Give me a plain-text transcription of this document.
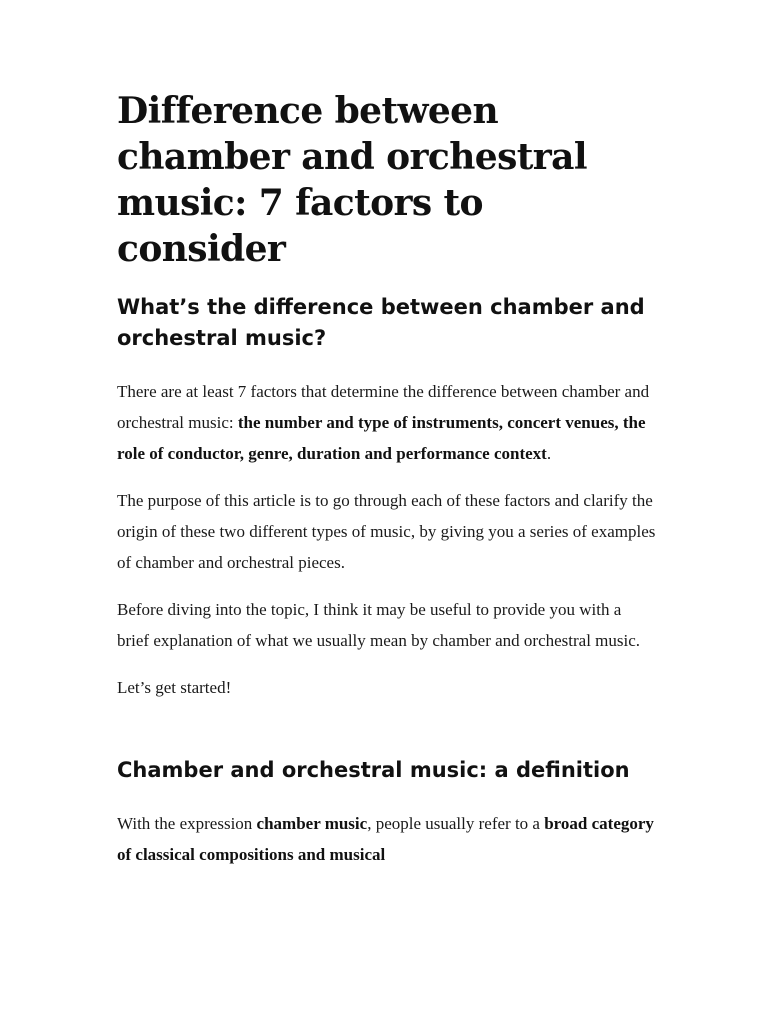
Difference between chamber and orchestral music: 7 factors to consider
What’s the difference between chamber and orchestral music?

There are at least 7 factors that determine the difference between chamber and orchestral music: the number and type of instruments, concert venues, the role of conductor, genre, duration and performance context.

The purpose of this article is to go through each of these factors and clarify the origin of these two different types of music, by giving you a series of examples of chamber and orchestral pieces.

Before diving into the topic, I think it may be useful to provide you with a brief explanation of what we usually mean by chamber and orchestral music.

Let’s get started!

Chamber and orchestral music: a definition

With the expression chamber music, people usually refer to a broad category of classical compositions and musical
